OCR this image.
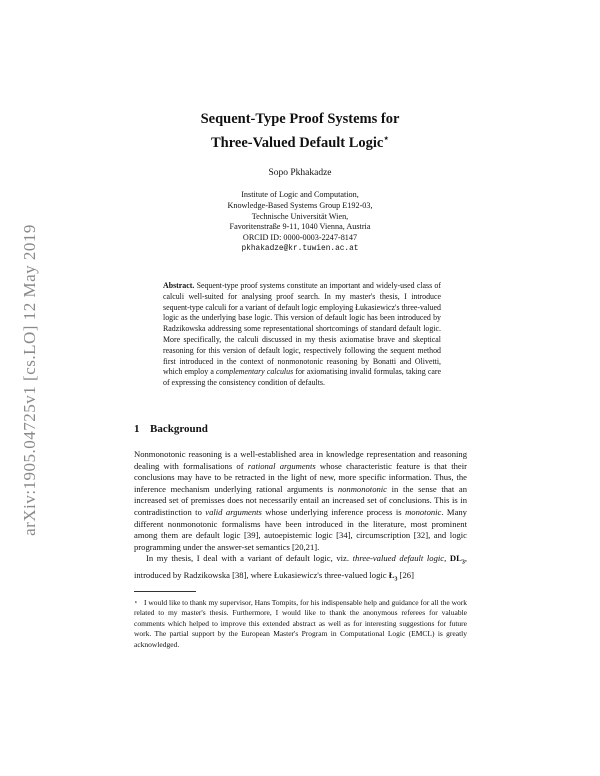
arXiv:1905.04725v1 [cs.LO] 12 May 2019
Sequent-Type Proof Systems for
Three-Valued Default Logic⋆
Sopo Pkhakadze
Institute of Logic and Computation,
Knowledge-Based Systems Group E192-03,
Technische Universität Wien,
Favoritenstraße 9-11, 1040 Vienna, Austria
ORCID ID: 0000-0003-2247-8147
pkhakadze@kr.tuwien.ac.at
Abstract. Sequent-type proof systems constitute an important and widely-used class of calculi well-suited for analysing proof search. In my master's thesis, I introduce sequent-type calculi for a variant of default logic employing Łukasiewicz's three-valued logic as the underlying base logic. This version of default logic has been introduced by Radzikowska addressing some representational shortcomings of standard default logic. More specifically, the calculi discussed in my thesis axiomatise brave and skeptical reasoning for this version of default logic, respectively following the sequent method first introduced in the context of nonmonotonic reasoning by Bonatti and Olivetti, which employ a complementary calculus for axiomatising invalid formulas, taking care of expressing the consistency condition of defaults.
1 Background

Nonmonotonic reasoning is a well-established area in knowledge representation and reasoning dealing with formalisations of rational arguments whose characteristic feature is that their conclusions may have to be retracted in the light of new, more specific information. Thus, the inference mechanism underlying rational arguments is nonmonotonic in the sense that an increased set of premisses does not necessarily entail an increased set of conclusions. This is in contradistinction to valid arguments whose underlying inference process is monotonic. Many different nonmonotonic formalisms have been introduced in the literature, most prominent among them are default logic [39], autoepistemic logic [34], circumscription [32], and logic programming under the answer-set semantics [20,21].

In my thesis, I deal with a variant of default logic, viz. three-valued default logic, $DL_3$, introduced by Radzikowska [38], where Łukasiewicz's three-valued logic $Ł_3$ [26]

⋆ I would like to thank my supervisor, Hans Tompits, for his indispensable help and guidance for all the work related to my master's thesis. Furthermore, I would like to thank the anonymous referees for valuable comments which helped to improve this extended abstract as well as for interesting suggestions for future work. The partial support by the European Master's Program in Computational Logic (EMCL) is greatly acknowledged.
